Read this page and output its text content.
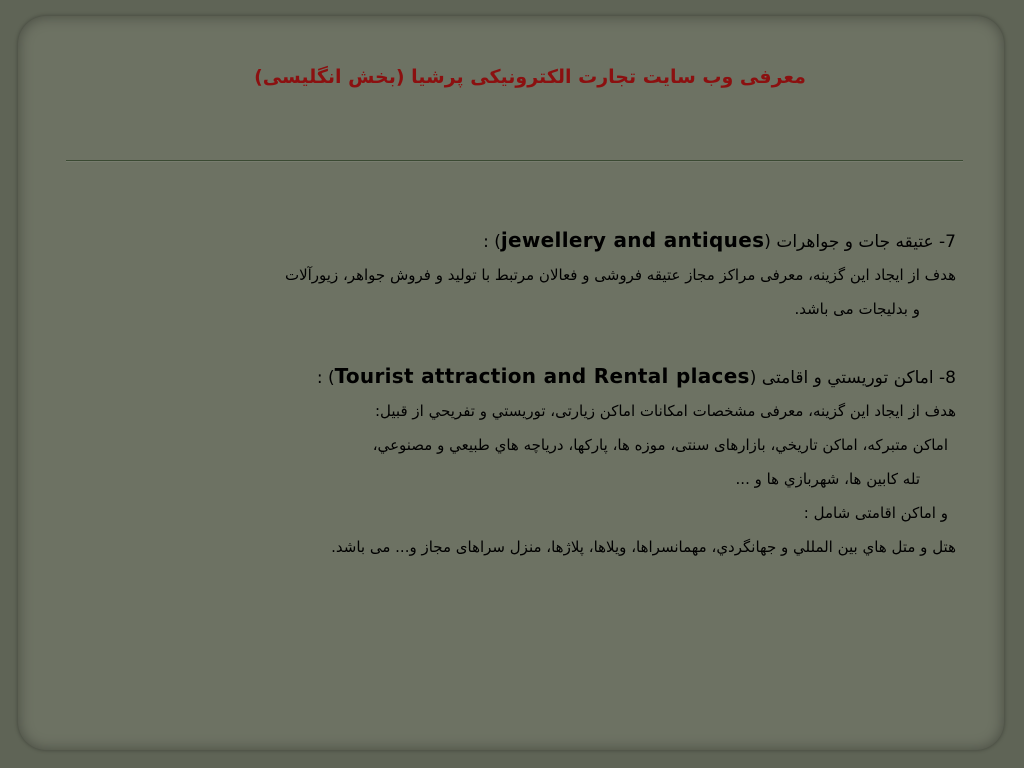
معرفی وب سایت تجارت الکترونیکی پرشیا (بخش انگلیسی)
7- عتیقه جات و جواهرات (jewellery and antiques) :
هدف از ایجاد این گزینه، معرفی مراکز مجاز عتیقه فروشی و فعالان مرتبط با تولید و فروش جواهر، زیورآلات
و بدلیجات می باشد.
8- اماكن توريستي و اقامتی (Tourist attraction and Rental places) :
هدف از ايجاد اين گزينه، معرفی مشخصات امكانات اماكن زيارتی، توريستي و تفريحي از قبيل:
اماكن متبركه، اماكن تاريخي، بازارهای سنتی، موزه ها، پاركها، درياچه هاي طبيعي و مصنوعي،
تله كابين ها، شهربازي ها و ...
و اماکن اقامتی شامل :
هتل و متل هاي بين المللي و جهانگردي، مهمانسراها، ويلاها، پلاژها، منزل سراهای مجاز و... می باشد.
